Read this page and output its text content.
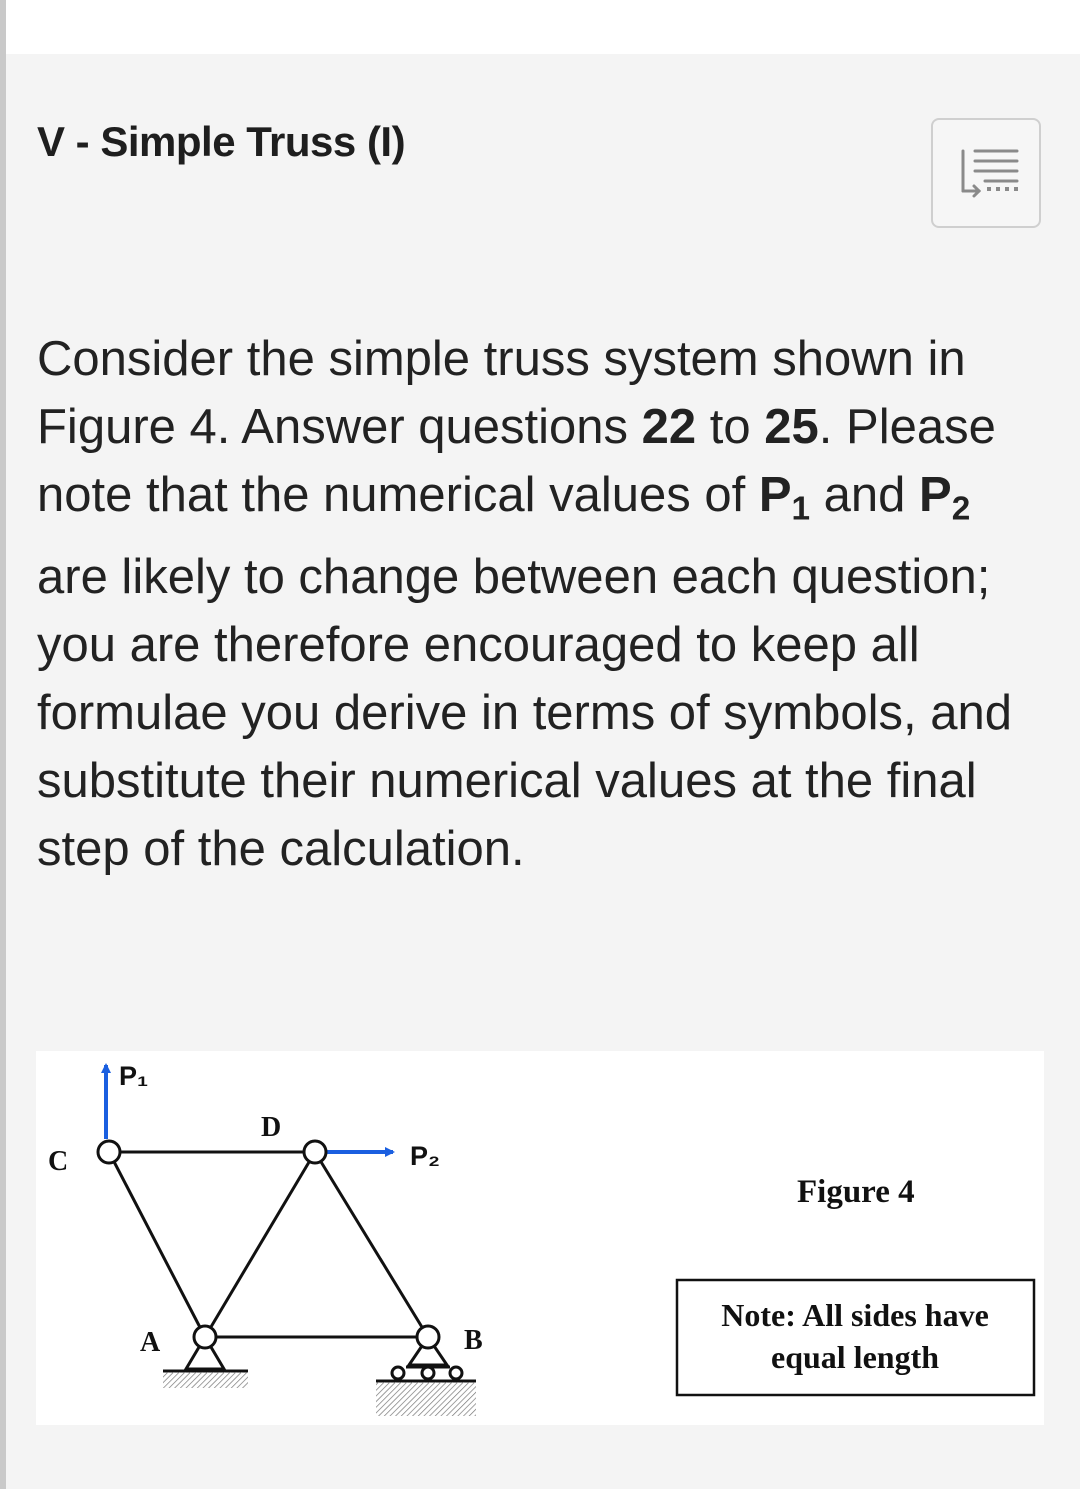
V - Simple Truss (I)

Consider the simple truss system shown in Figure 4. Answer questions 22 to 25. Please note that the numerical values of $P_1$ and $P_2$ are likely to change between each question; you are therefore encouraged to keep all formulae you derive in terms of symbols, and substitute their numerical values at the final step of the calculation.

C
D
A	B
P₁
P₂
Figure 4
Note: All sides have
equal length
